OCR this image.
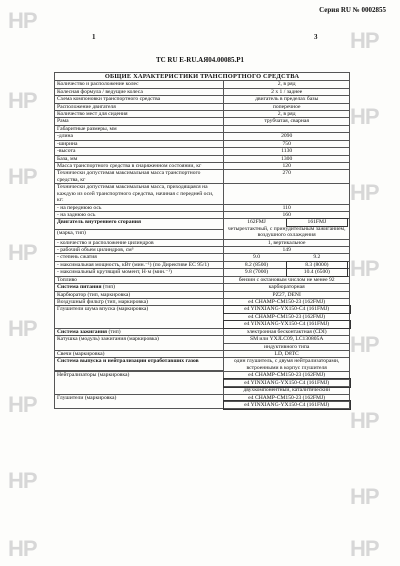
HP
HP
HP
HP
HP
HP
HP
HP
HP
HP
HP
HP
HP
HP
HP
HP
Серия RU № 0002855
1	3
ТС RU E-RU.АЯ04.00085.Р1
ОБЩИЕ ХАРАКТЕРИСТИКИ ТРАНСПОРТНОГО СРЕДСТВА	
Количество и расположение колес	2, в ряд
Колесная формула / ведущие колеса	2 х 1 / заднее
Схема компоновки транспортного средства	двигатель в пределах базы
Расположение двигателя	поперечное
Количество мест для сидения	2, в ряд
Рама	трубчатая, сварная
Габаритные размеры, мм	
-длина	2090
-ширина	750
-высота	1130
База, мм	1300
Масса транспортного средства в снаряженном состоянии, кг	120
Технически допустимая максимальная масса транспортного средства, кг	270
Технически допустимая максимальная масса, приходящаяся на каждую из осей транспортного средства, начиная с передней оси, кг:	
- на переднюю ось	110
- на заднюю ось	160
Двигатель внутреннего сгорания	162FMJ 161FMJ
четырехтактный, с принудительным зажиганием, воздушного охлаждения

(марка, тип)	
- количество и расположение цилиндров	1, вертикальное
- рабочий объем цилиндров, см³	149
- степень сжатия	9.0 9.2

- максимальная мощность, кВт (мин.⁻¹) (по Директиве ЕС 95/1)	8.2 (8500) 8.3 (8000)

- максимальный крутящий момент, Н·м (мин.⁻¹)	9.8 (7000) 10.4 (6500)

Топливо	бензин с октановым числом не менее 92
Система питания (тип)	карбюраторная
Карбюратор (тип, маркировка)	PZ27, DENI
Воздушный фильтр (тип, маркировка)	e4 CHAMP-CM150-23 (162FMJ)
Глушители шума впуска (маркировка)	e4 YINXIANG-YX150-C4 (161FMJ)
	e4 CHAMP-CM150-23 (162FMJ)
	e4 YINXIANG-YX150-C4 (161FMJ)
Система зажигания (тип)	электронная бесконтактная (CDI)
Катушка (модуль) зажигания (маркировка)	SM или YXJLC09, LC130805A
	индуктивного типа
Свечи (маркировка)	LD, D8TC
Система выпуска и нейтрализации отработавших газов	один глушитель, с двумя нейтрализаторами, встроенными в корпус глушителя

Нейтрализаторы (маркировка)	e4 CHAMP-CM150-23 (162FMJ)
	e4 YINXIANG-YX150-C4 (161FMJ)
	двухкомпонентный, каталитический
Глушители (маркировка)	e4 CHAMP-CM150-23 (162FMJ)
	e4 YINXIANG-YX150-C4 (161FMJ)
